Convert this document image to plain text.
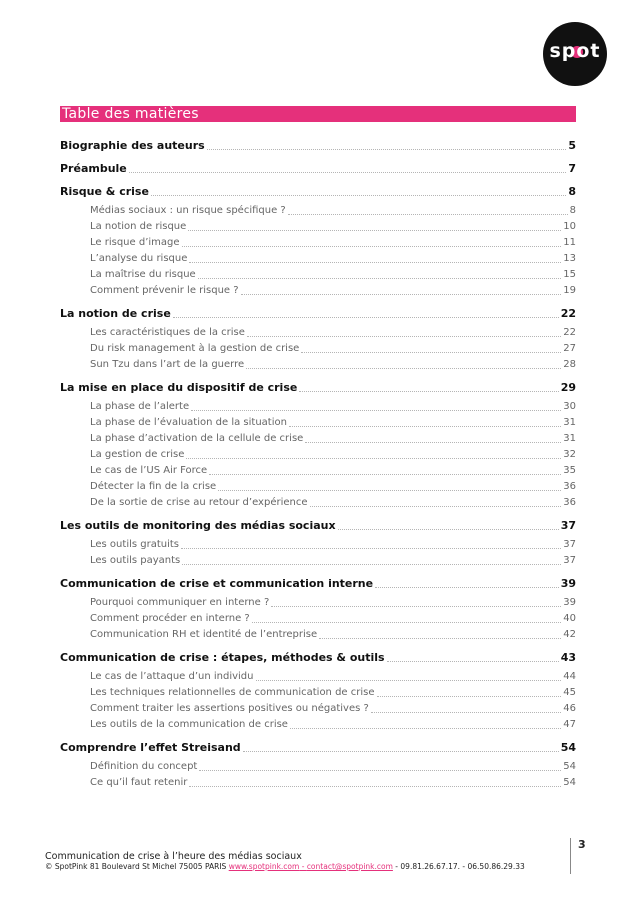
spot
Table des matières
Biographie des auteurs	5
Préambule	7
Risque & crise	8
Médias sociaux : un risque spécifique ?	8
La notion de risque	10
Le risque d’image	11
L’analyse du risque	13
La maîtrise du risque	15
Comment prévenir le risque ?	19
La notion de crise	22
Les caractéristiques de la crise	22
Du risk management à la gestion de crise	27
Sun Tzu dans l’art de la guerre	28
La mise en place du dispositif de crise	29
La phase de l’alerte	30
La phase de l’évaluation de la situation	31
La phase d’activation de la cellule de crise	31
La gestion de crise	32
Le cas de l’US Air Force	35
Détecter la fin de la crise	36
De la sortie de crise au retour d’expérience	36
Les outils de monitoring des médias sociaux	37
Les outils gratuits	37
Les outils payants	37
Communication de crise et communication interne	39
Pourquoi communiquer en interne ?	39
Comment procéder en interne ?	40
Communication RH et identité de l’entreprise	42
Communication de crise : étapes, méthodes & outils	43
Le cas de l’attaque d’un individu	44
Les techniques relationnelles de communication de crise	45
Comment traiter les assertions positives ou négatives ?	46
Les outils de la communication de crise	47
Comprendre l’effet Streisand	54
Définition du concept	54
Ce qu’il faut retenir	54
3
Communication de crise à l’heure des médias sociaux
© SpotPink 81 Boulevard St Michel 75005 PARIS www.spotpink.com - contact@spotpink.com - 09.81.26.67.17. - 06.50.86.29.33
